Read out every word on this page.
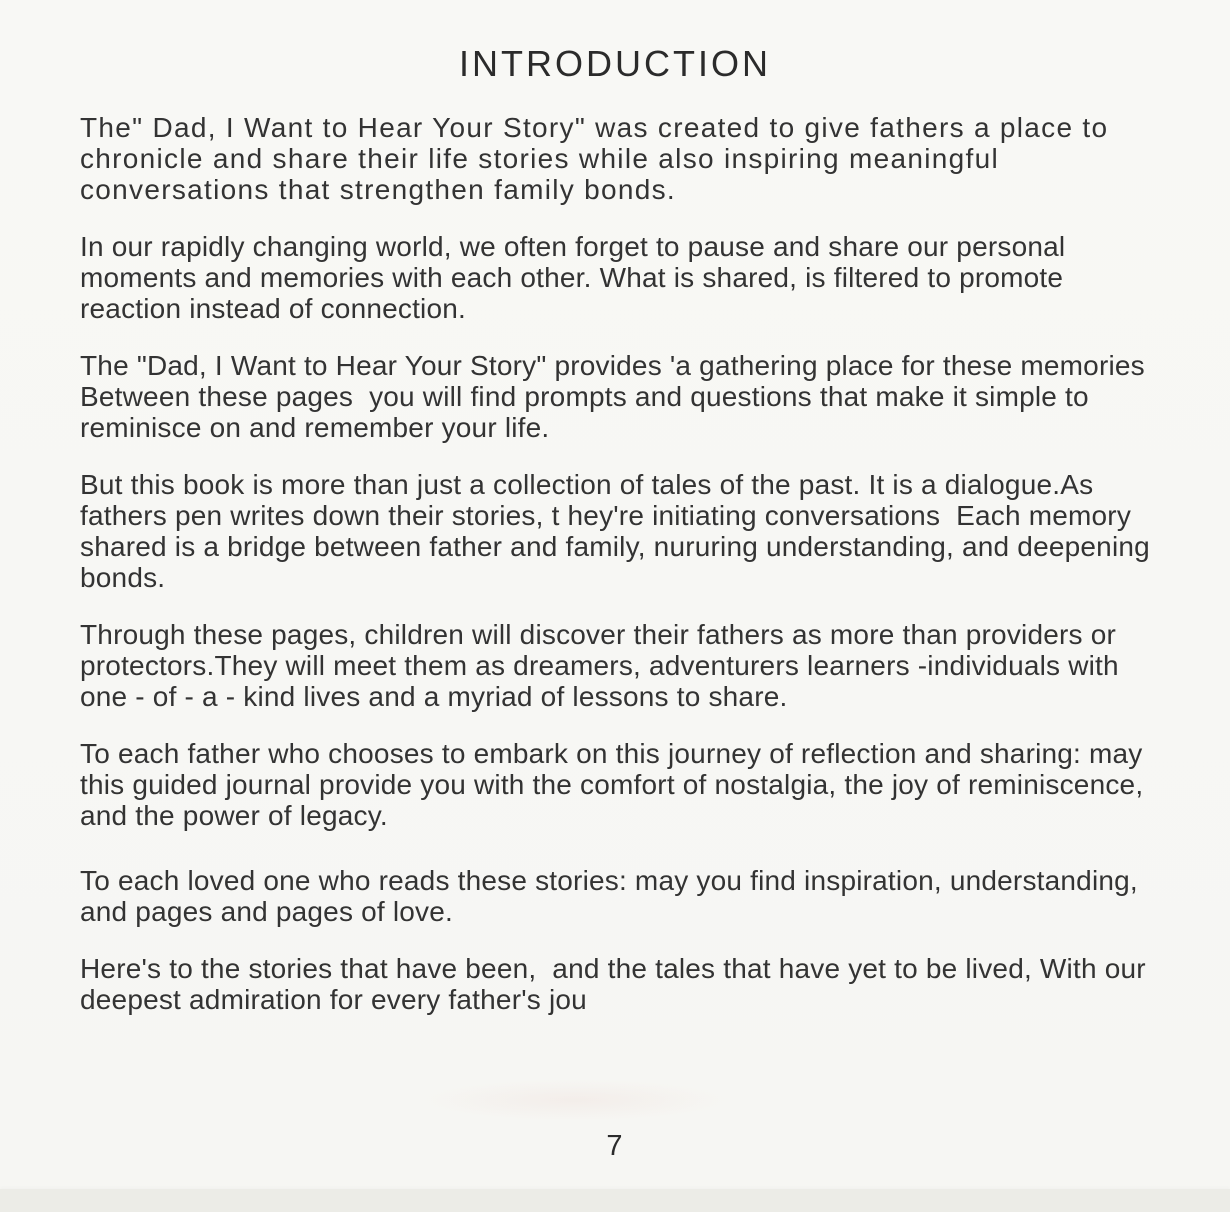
INTRODUCTION

The" Dad, I Want to Hear Your Story" was created to give fathers a place to chronicle and share their life stories while also inspiring meaningful conversations that strengthen family bonds.

In our rapidly changing world, we often forget to pause and share our personal moments and memories with each other. What is shared, is filtered to promote reaction instead of connection.

The "Dad, I Want to Hear Your Story" provides 'a gathering place for these memories  Between these pages  you will find prompts and questions that make it simple to reminisce on and remember your life.

But this book is more than just a collection of tales of the past. It is a dialogue.As fathers pen writes down their stories, t hey're initiating conversations  Each memory shared is a bridge between father and family, nururing understanding, and deepening bonds.

Through these pages, children will discover their fathers as more than providers or protectors.They will meet them as dreamers, adventurers learners -individuals with one - of - a - kind lives and a myriad of lessons to share.

To each father who chooses to embark on this journey of reflection and sharing: may this guided journal provide you with the comfort of nostalgia, the joy of reminiscence, and the power of legacy.

To each loved one who reads these stories: may you find inspiration, understanding, and pages and pages of love.

Here's to the stories that have been,  and the tales that have yet to be lived, With our deepest admiration for every father's jou

7
